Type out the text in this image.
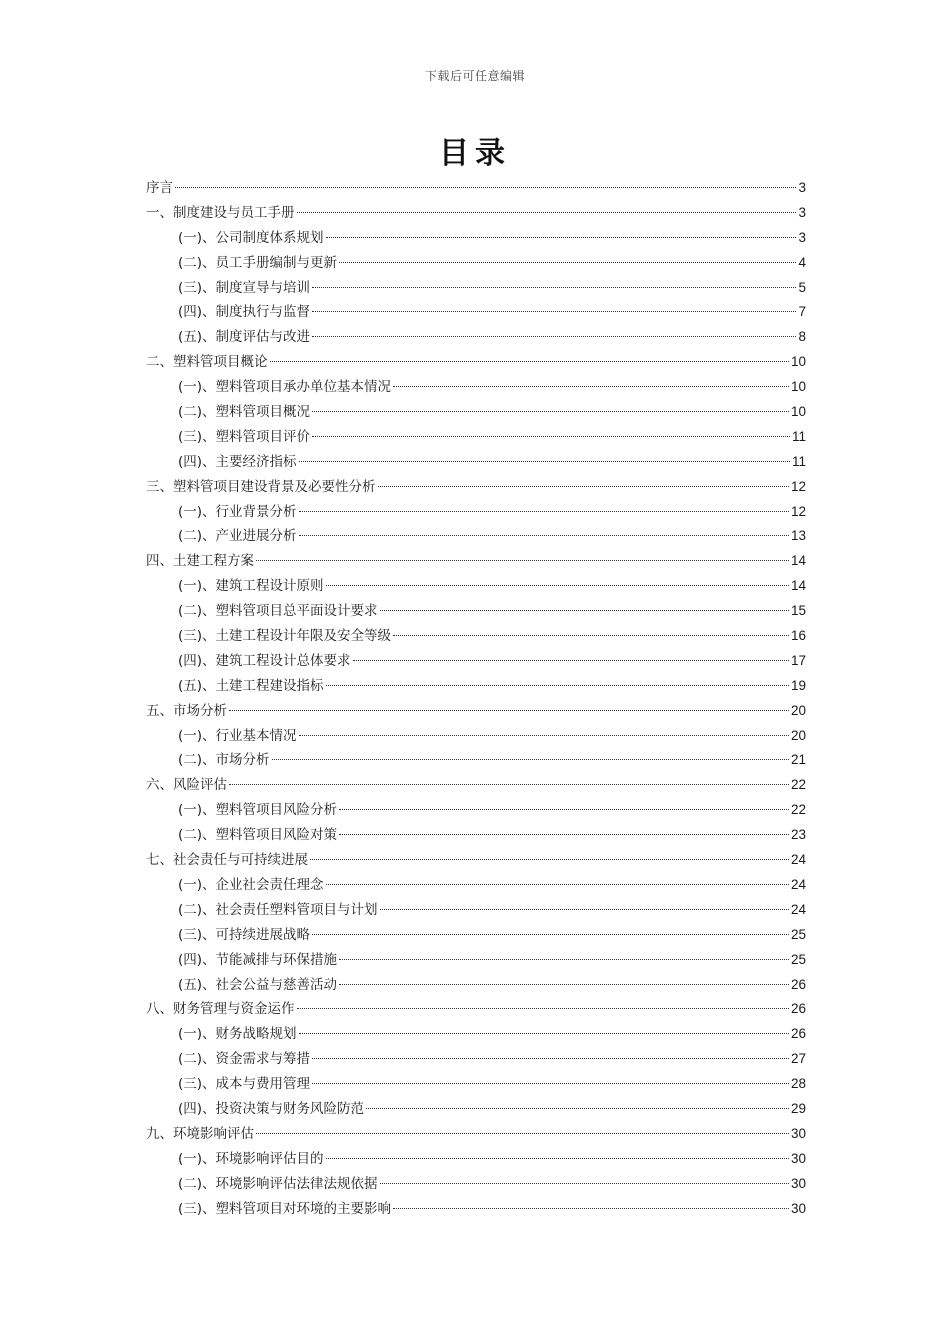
下载后可任意编辑
目录
序言	3
一、制度建设与员工手册	3
(一)、公司制度体系规划	3
(二)、员工手册编制与更新	4
(三)、制度宣导与培训	5
(四)、制度执行与监督	7
(五)、制度评估与改进	8
二、塑料管项目概论	10
(一)、塑料管项目承办单位基本情况	10
(二)、塑料管项目概况	10
(三)、塑料管项目评价	11
(四)、主要经济指标	11
三、塑料管项目建设背景及必要性分析	12
(一)、行业背景分析	12
(二)、产业进展分析	13
四、土建工程方案	14
(一)、建筑工程设计原则	14
(二)、塑料管项目总平面设计要求	15
(三)、土建工程设计年限及安全等级	16
(四)、建筑工程设计总体要求	17
(五)、土建工程建设指标	19
五、市场分析	20
(一)、行业基本情况	20
(二)、市场分析	21
六、风险评估	22
(一)、塑料管项目风险分析	22
(二)、塑料管项目风险对策	23
七、社会责任与可持续进展	24
(一)、企业社会责任理念	24
(二)、社会责任塑料管项目与计划	24
(三)、可持续进展战略	25
(四)、节能减排与环保措施	25
(五)、社会公益与慈善活动	26
八、财务管理与资金运作	26
(一)、财务战略规划	26
(二)、资金需求与筹措	27
(三)、成本与费用管理	28
(四)、投资决策与财务风险防范	29
九、环境影响评估	30
(一)、环境影响评估目的	30
(二)、环境影响评估法律法规依据	30
(三)、塑料管项目对环境的主要影响	30
